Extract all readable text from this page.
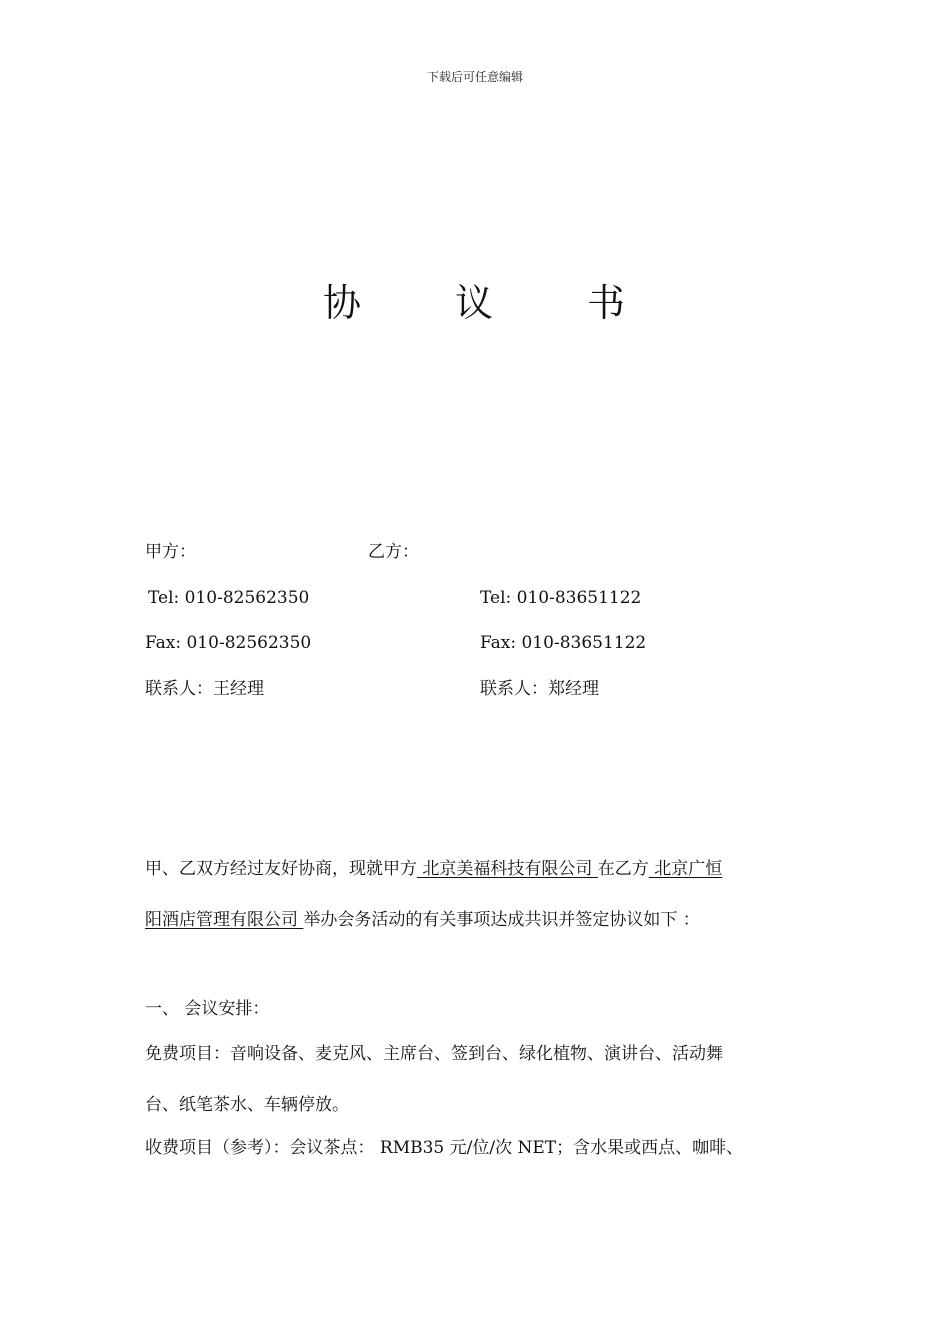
下载后可任意编辑
协 议 书
甲方：
Tel: 010-82562350
Fax: 010-82562350
联系人：王经理
乙方：
Tel: 010-83651122
Fax: 010-83651122
联系人：郑经理
甲、乙双方经过友好协商，现就甲方 北京美福科技有限公司 在乙方 北京广恒
阳酒店管理有限公司 举办会务活动的有关事项达成共识并签定协议如下 ：
一、 会议安排：
免费项目：音响设备、麦克风、主席台、签到台、绿化植物、演讲台、活动舞
台、纸笔茶水、车辆停放。
收费项目（参考）：会议茶点： RMB35 元/位/次 NET；含水果或西点、咖啡、
